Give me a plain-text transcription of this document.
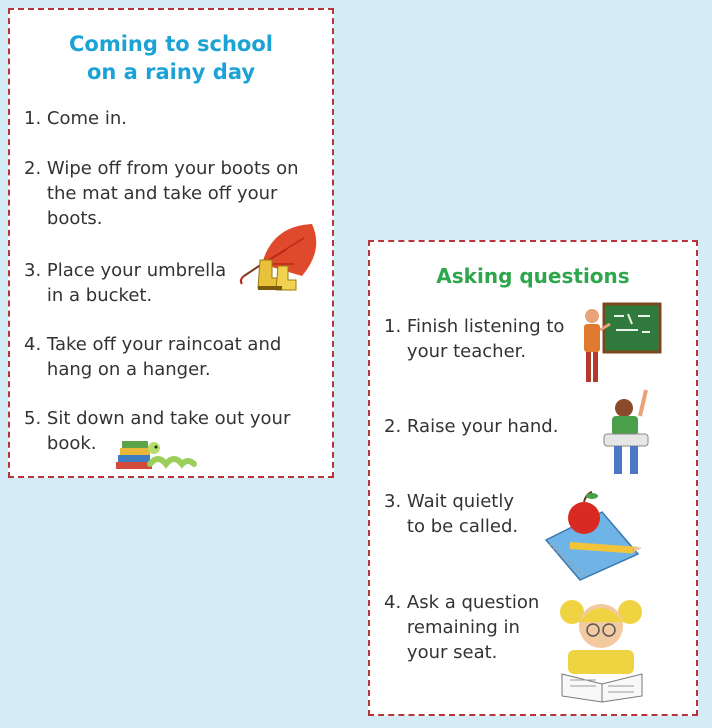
Coming to school
on a rainy day
1.
Come in.
2.
Wipe off from your boots on the mat and take off your boots.
3.
Place your umbrella in a bucket.
4.
Take off your raincoat and hang on a hanger.
5.
Sit down and take out your book.
Asking questions
1.
Finish listening to your teacher.
2.
Raise your hand.
3.
Wait quietly to be called.
4.
Ask a question remaining in your seat.
